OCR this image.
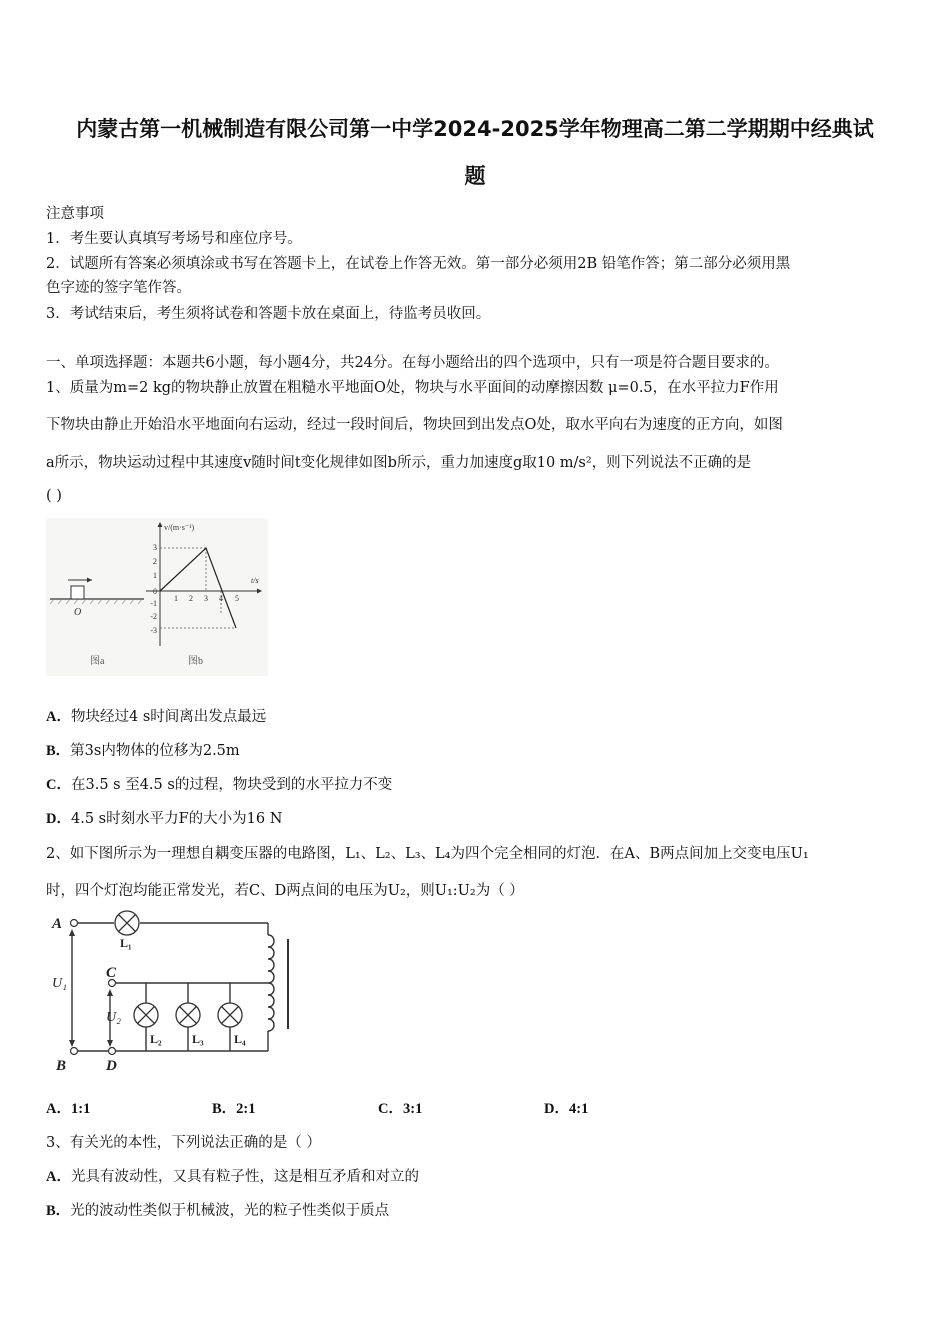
内蒙古第一机械制造有限公司第一中学2024-2025学年物理高二第二学期期中经典试
题
注意事项
1．考生要认真填写考场号和座位序号。
2．试题所有答案必须填涂或书写在答题卡上，在试卷上作答无效。第一部分必须用2B 铅笔作答；第二部分必须用黑
色字迹的签字笔作答。
3．考试结束后，考生须将试卷和答题卡放在桌面上，待监考员收回。
一、单项选择题：本题共6小题，每小题4分，共24分。在每小题给出的四个选项中，只有一项是符合题目要求的。
1、质量为m=2 kg的物块静止放置在粗糙水平地面O处，物块与水平面间的动摩擦因数 μ=0.5，在水平拉力F作用
下物块由静止开始沿水平地面向右运动，经过一段时间后，物块回到出发点O处，取水平向右为速度的正方向，如图
a所示，物块运动过程中其速度v随时间t变化规律如图b所示，重力加速度g取10 m/s²，则下列说法不正确的是
( )
O
图a
v/(m·s⁻¹)
t/s
3
2
1
0
-1
-2
-3
1 2 3 4 5
图b
A．物块经过4 s时间离出发点最远
B．第3s内物体的位移为2.5m
C．在3.5 s 至4.5 s的过程，物块受到的水平拉力不变
D．4.5 s时刻水平力F的大小为16 N
2、如下图所示为一理想自耦变压器的电路图，L₁、L₂、L₃、L₄为四个完全相同的灯泡．在A、B两点间加上交变电压U₁
时，四个灯泡均能正常发光，若C、D两点间的电压为U₂，则U₁:U₂为（ ）
A
B
C
D
U₁
U₂
L₁
L₂	L₃	L₄
A．1:1	B．2:1	C．3:1	D．4:1
3、有关光的本性，下列说法正确的是（ ）
A．光具有波动性，又具有粒子性，这是相互矛盾和对立的
B．光的波动性类似于机械波，光的粒子性类似于质点
